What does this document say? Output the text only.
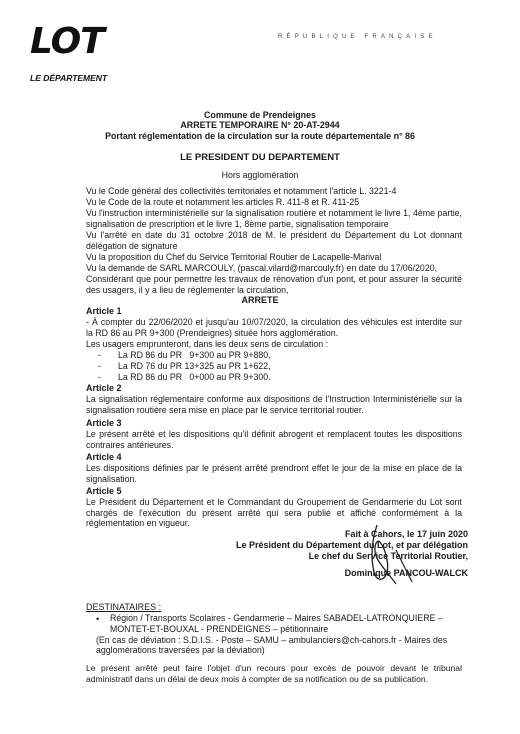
LOT
LE DÉPARTEMENT
RÉPUBLIQUE FRANÇAISE
Commune de Prendeignes
ARRETE TEMPORAIRE N° 20-AT-2944
Portant réglementation de la circulation sur la route départementale n° 86
LE PRESIDENT DU DEPARTEMENT
Hors agglomération
Vu le Code général des collectivités territoriales et notamment l'article L. 3221-4
Vu le Code de la route et notamment les articles R. 411-8 et R. 411-25
Vu l'instruction interministérielle sur la signalisation routière et notamment le livre 1, 4ème partie, signalisation de prescription et le livre 1, 8ème partie, signalisation temporaire
Vu l'arrêté en date du 31 octobre 2018 de M. le président du Département du Lot donnant délégation de signature
Vu la proposition du Chef du Service Territorial Routier de Lacapelle-Marival
Vu la demande de SARL MARCOULY, (pascal.vilard@marcouly.fr) en date du 17/06/2020,
Considérant que pour permettre les travaux de rénovation d'un pont, et pour assurer la sécurité des usagers, il y a lieu de réglementer la circulation,
ARRETE
Article 1
- À compter du 22/06/2020 et jusqu'au 10/07/2020, la circulation des véhicules est interdite sur la RD 86 au PR 9+300 (Prendeignes) située hors agglomération.
Les usagers emprunteront, dans les deux sens de circulation :
- La RD 86 du PR   9+300 au PR 9+880,
- La RD 76 du PR 13+325 au PR 1+622,
- La RD 86 du PR   0+000 au PR 9+300.
Article 2
La signalisation réglementaire conforme aux dispositions de l'Instruction Interministérielle sur la signalisation routière sera mise en place par le service territorial routier.
Article 3
Le présent arrêté et les dispositions qu'il définit abrogent et remplacent toutes les dispositions contraires antérieures.
Article 4
Les dispositions définies par le présent arrêté prendront effet le jour de la mise en place de la signalisation.
Article 5
Le Président du Département et le Commandant du Groupement de Gendarmerie du Lot sont chargés de l'exécution du présent arrêté qui sera publié et affiché conformément à la réglementation en vigueur.
Fait à Cahors, le 17 juin 2020
Le Président du Département du Lot, et par délégation
Le chef du Service Territorial Routier,
Dominique PANCOU-WALCK
DESTINATAIRES :
• Région / Transports Scolaires - Gendarmerie – Maires SABADEL-LATRONQUIERE – MONTET-ET-BOUXAL - PRENDEIGNES – pétitionnaire
(En cas de déviation : S.D.I.S. - Poste – SAMU – ambulanciers@ch-cahors.fr - Maires des agglomérations traversées par la déviation)
Le présent arrêté peut faire l'objet d'un recours pour excès de pouvoir devant le tribunal administratif dans un délai de deux mois à compter de sa notification ou de sa publication.
